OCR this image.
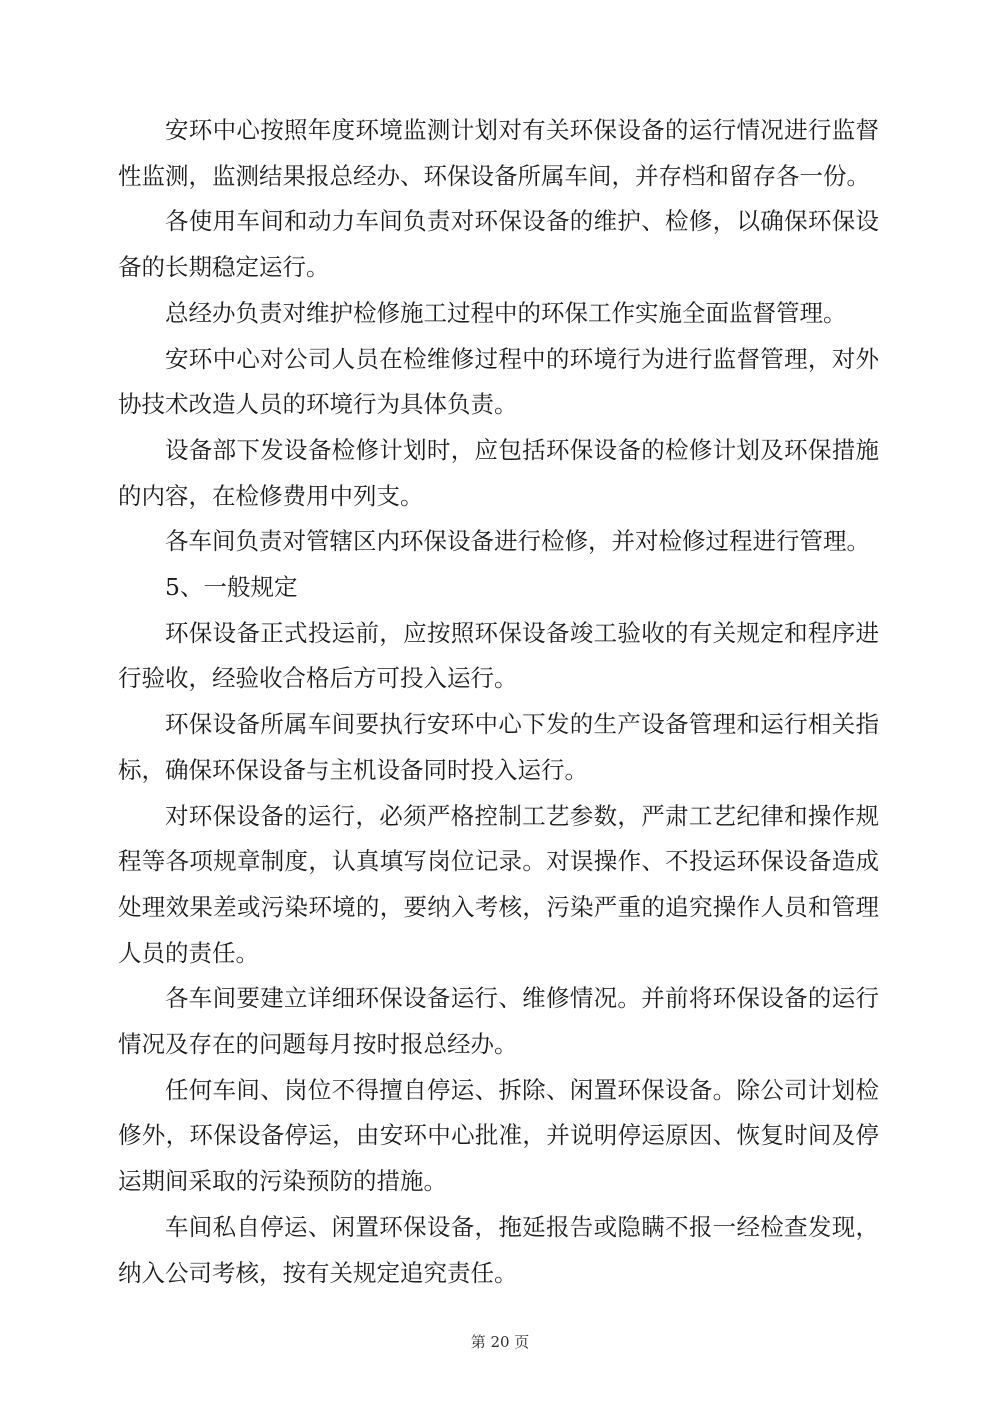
安环中心按照年度环境监测计划对有关环保设备的运行情况进行监督性监测，监测结果报总经办、环保设备所属车间，并存档和留存各一份。

各使用车间和动力车间负责对环保设备的维护、检修，以确保环保设备的长期稳定运行。

总经办负责对维护检修施工过程中的环保工作实施全面监督管理。

安环中心对公司人员在检维修过程中的环境行为进行监督管理，对外协技术改造人员的环境行为具体负责。

设备部下发设备检修计划时，应包括环保设备的检修计划及环保措施的内容，在检修费用中列支。

各车间负责对管辖区内环保设备进行检修，并对检修过程进行管理。

5、一般规定

环保设备正式投运前，应按照环保设备竣工验收的有关规定和程序进行验收，经验收合格后方可投入运行。

环保设备所属车间要执行安环中心下发的生产设备管理和运行相关指标，确保环保设备与主机设备同时投入运行。

对环保设备的运行，必须严格控制工艺参数，严肃工艺纪律和操作规程等各项规章制度，认真填写岗位记录。对误操作、不投运环保设备造成处理效果差或污染环境的，要纳入考核，污染严重的追究操作人员和管理人员的责任。

各车间要建立详细环保设备运行、维修情况。并前将环保设备的运行情况及存在的问题每月按时报总经办。

任何车间、岗位不得擅自停运、拆除、闲置环保设备。除公司计划检修外，环保设备停运，由安环中心批准，并说明停运原因、恢复时间及停运期间采取的污染预防的措施。

车间私自停运、闲置环保设备，拖延报告或隐瞒不报一经检查发现，纳入公司考核，按有关规定追究责任。

第 20 页
